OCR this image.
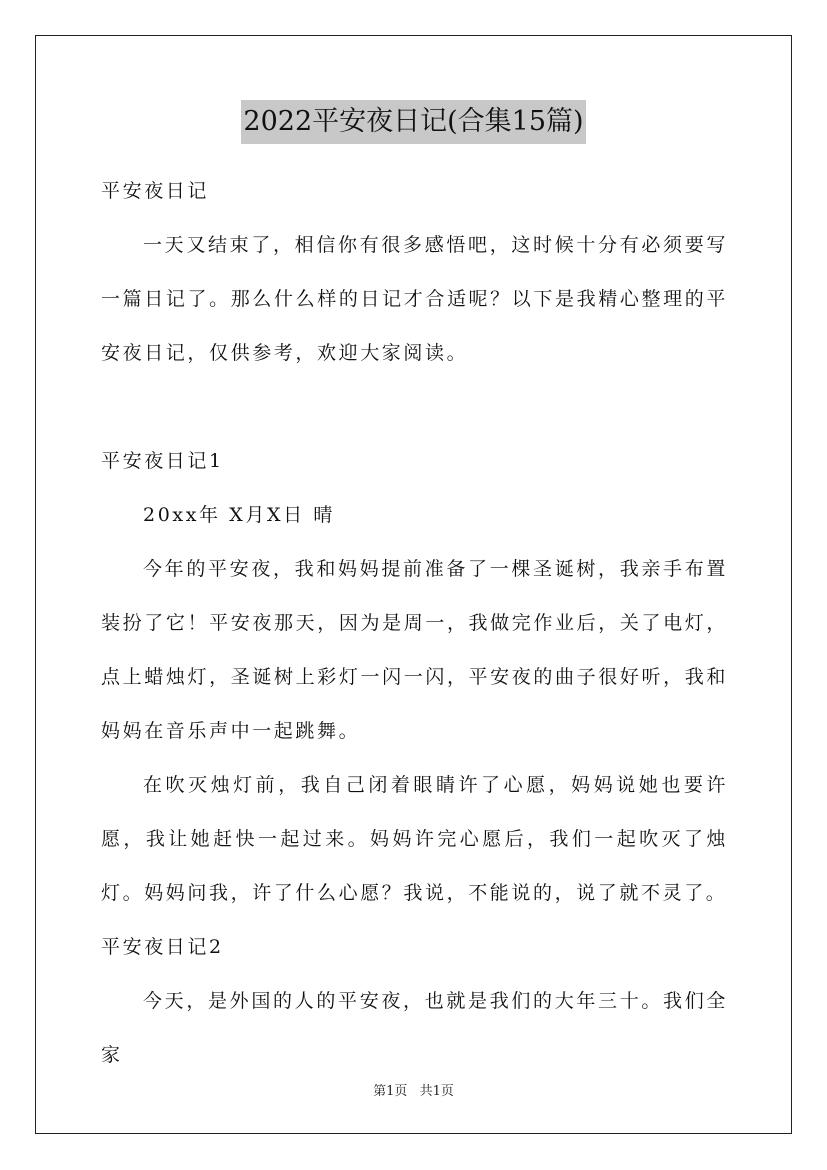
2022平安夜日记(合集15篇)

平安夜日记

一天又结束了，相信你有很多感悟吧，这时候十分有必须要写一篇日记了。那么什么样的日记才合适呢？以下是我精心整理的平安夜日记，仅供参考，欢迎大家阅读。

平安夜日记1

20xx年 X月X日 晴

今年的平安夜，我和妈妈提前准备了一棵圣诞树，我亲手布置装扮了它！平安夜那天，因为是周一，我做完作业后，关了电灯，点上蜡烛灯，圣诞树上彩灯一闪一闪，平安夜的曲子很好听，我和妈妈在音乐声中一起跳舞。

在吹灭烛灯前，我自己闭着眼睛许了心愿，妈妈说她也要许愿，我让她赶快一起过来。妈妈许完心愿后，我们一起吹灭了烛灯。妈妈问我，许了什么心愿？我说，不能说的，说了就不灵了。

平安夜日记2

今天，是外国的人的平安夜，也就是我们的大年三十。我们全家

第1页 共1页
